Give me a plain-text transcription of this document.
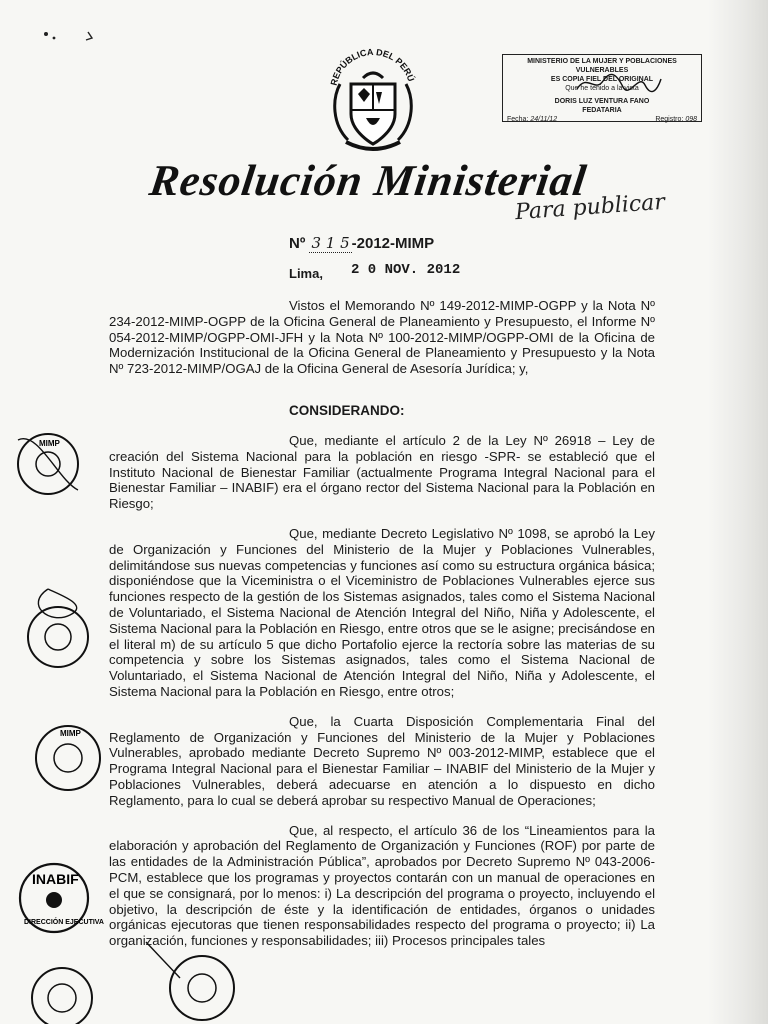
REPÚBLICA DEL PERÚ
MINISTERIO DE LA MUJER Y POBLACIONES
VULNERABLES
ES COPIA FIEL DEL ORIGINAL
Que he tenido a la vista
DORIS LUZ VENTURA FANO
FEDATARIA
Fecha: 24/11/12	Registro: 098
Resolución Ministerial
Para publicar
Nº 3 1 5 -2012-MIMP
Lima, 2 0 NOV. 2012

Vistos el Memorando Nº 149-2012-MIMP-OGPP y la Nota Nº 234-2012-MIMP-OGPP de la Oficina General de Planeamiento y Presupuesto, el Informe Nº 054-2012-MIMP/OGPP-OMI-JFH y la Nota Nº 100-2012-MIMP/OGPP-OMI de la Oficina de Modernización Institucional de la Oficina General de Planeamiento y Presupuesto y la Nota Nº 723-2012-MIMP/OGAJ de la Oficina General de Asesoría Jurídica; y,

CONSIDERANDO:

Que, mediante el artículo 2 de la Ley Nº 26918 – Ley de creación del Sistema Nacional para la población en riesgo -SPR- se estableció que el Instituto Nacional de Bienestar Familiar (actualmente Programa Integral Nacional para el Bienestar Familiar – INABIF) era el órgano rector del Sistema Nacional para la Población en Riesgo;

Que, mediante Decreto Legislativo Nº 1098, se aprobó la Ley de Organización y Funciones del Ministerio de la Mujer y Poblaciones Vulnerables, delimitándose sus nuevas competencias y funciones así como su estructura orgánica básica; disponiéndose que la Viceministra o el Viceministro de Poblaciones Vulnerables ejerce sus funciones respecto de la gestión de los Sistemas asignados, tales como el Sistema Nacional de Voluntariado, el Sistema Nacional de Atención Integral del Niño, Niña y Adolescente, el Sistema Nacional para la Población en Riesgo, entre otros que se le asigne; precisándose en el literal m) de su artículo 5 que dicho Portafolio ejerce la rectoría sobre las materias de su competencia y sobre los Sistemas asignados, tales como el Sistema Nacional de Voluntariado, el Sistema Nacional de Atención Integral del Niño, Niña y Adolescente, el Sistema Nacional para la Población en Riesgo, entre otros;

Que, la Cuarta Disposición Complementaria Final del Reglamento de Organización y Funciones del Ministerio de la Mujer y Poblaciones Vulnerables, aprobado mediante Decreto Supremo Nº 003-2012-MIMP, establece que el Programa Integral Nacional para el Bienestar Familiar – INABIF del Ministerio de la Mujer y Poblaciones Vulnerables, deberá adecuarse en atención a lo dispuesto en dicho Reglamento, para lo cual se deberá aprobar su respectivo Manual de Operaciones;

Que, al respecto, el artículo 36 de los “Lineamientos para la elaboración y aprobación del Reglamento de Organización y Funciones (ROF) por parte de las entidades de la Administración Pública”, aprobados por Decreto Supremo Nº 043-2006-PCM, establece que los programas y proyectos contarán con un manual de operaciones en el que se consignará, por lo menos: i) La descripción del programa o proyecto, incluyendo el objetivo, la descripción de éste y la identificación de entidades, órganos o unidades orgánicas ejecutoras que tienen responsabilidades respecto del programa o proyecto; ii) La organización, funciones y responsabilidades; iii) Procesos principales tales

MIMP
MIMP
INABIF
DIRECCIÓN EJECUTIVA
